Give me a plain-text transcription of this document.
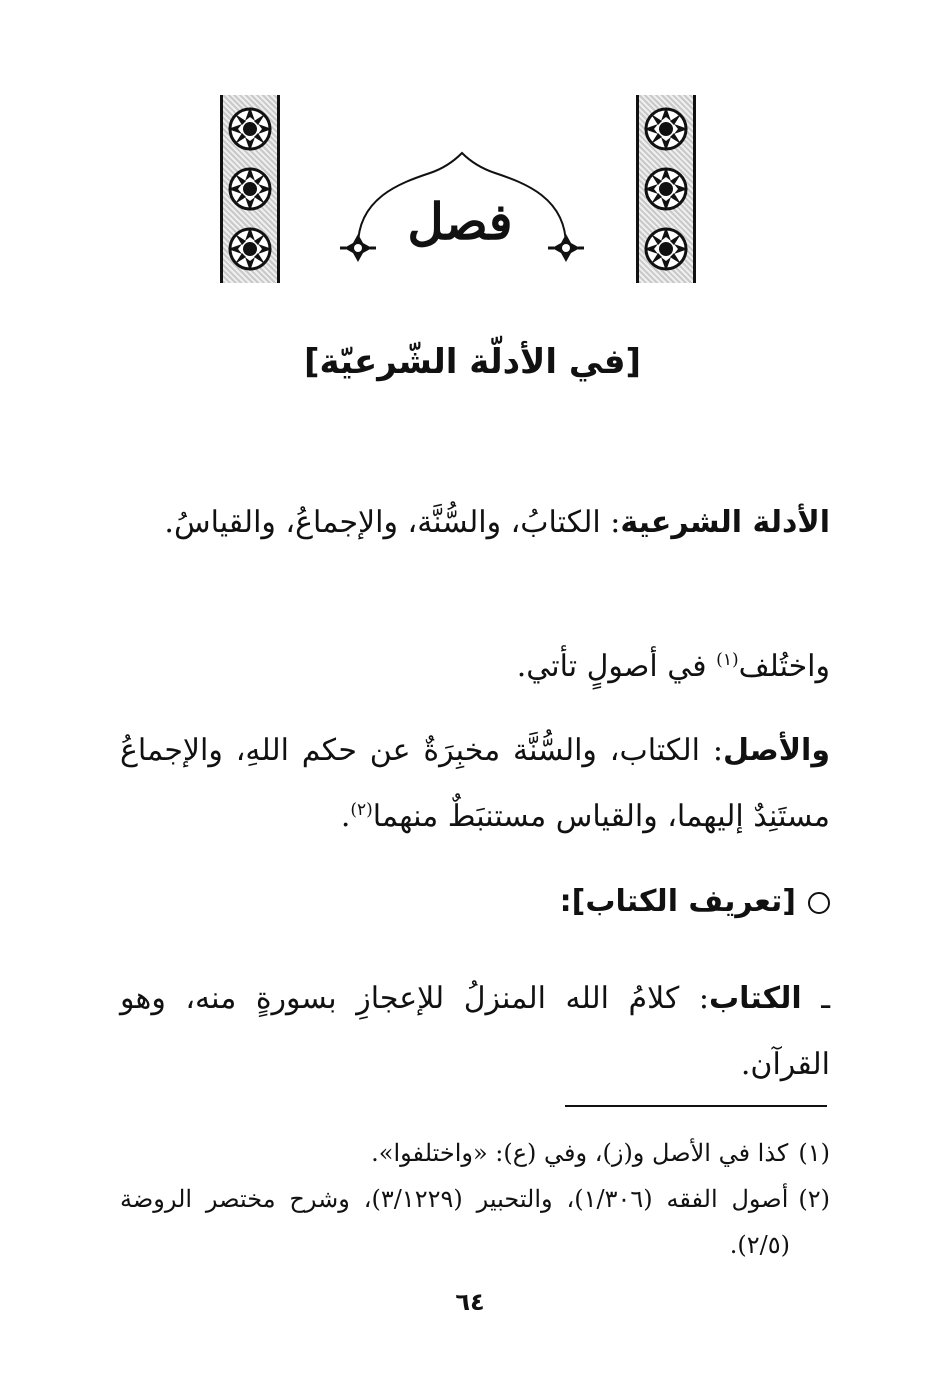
فصل
[في الأدلّة الشّرعيّة]
الأدلة الشرعية: الكتابُ، والسُّنَّة، والإجماعُ، والقياسُ.
واختُلف$^{(١)}$ في أصولٍ تأتي.
والأصل: الكتاب، والسُّنَّة مخبِرَةٌ عن حكم اللهِ، والإجماعُ مستَنِدٌ إليهما، والقياس مستنبَطٌ منهما$^{(٢)}$.
[تعريف الكتاب]:
ـ الكتاب: كلامُ الله المنزلُ للإعجازِ بسورةٍ منه، وهو القرآن.

(١)كذا في الأصل و(ز)، وفي (ع): «واختلفوا».

(٢)أصول الفقه (١/٣٠٦)، والتحبير (٣/١٢٢٩)، وشرح مختصر الروضة (٢/٥).

٦٤
